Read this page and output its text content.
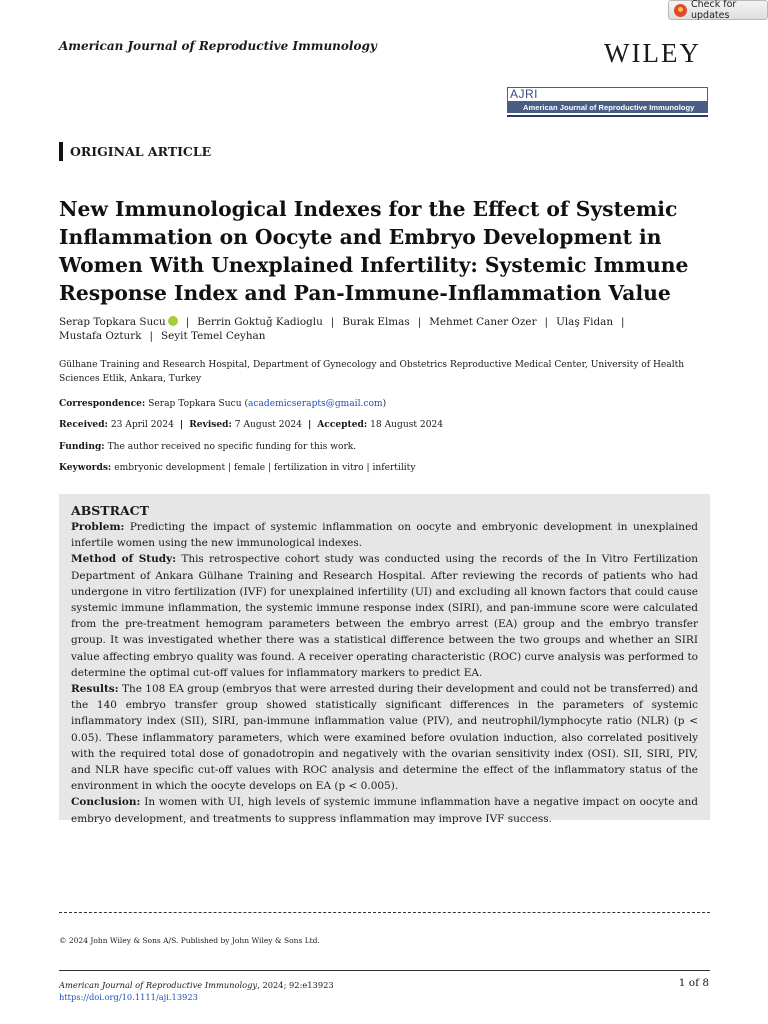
Check for updates
American Journal of Reproductive Immunology	WILEY
AJRI
American Journal of Reproductive Immunology
ORIGINAL ARTICLE
New Immunological Indexes for the Effect of Systemic Inflammation on Oocyte and Embryo Development in Women With Unexplained Infertility: Systemic Immune Response Index and Pan-Immune-Inflammation Value
Serap Topkara Sucu | Berrin Goktuğ Kadioglu | Burak Elmas | Mehmet Caner Ozer | Ulaş Fidan |
Mustafa Ozturk | Seyit Temel Ceyhan
Gülhane Training and Research Hospital, Department of Gynecology and Obstetrics Reproductive Medical Center, University of Health Sciences Etlik, Ankara, Turkey
Correspondence: Serap Topkara Sucu (academicserapts@gmail.com)
Received: 23 April 2024 | Revised: 7 August 2024 | Accepted: 18 August 2024
Funding: The author received no specific funding for this work.
Keywords: embryonic development | female | fertilization in vitro | infertility
ABSTRACT

Problem: Predicting the impact of systemic inflammation on oocyte and embryonic development in unexplained infertile women using the new immunological indexes.

Method of Study: This retrospective cohort study was conducted using the records of the In Vitro Fertilization Department of Ankara Gülhane Training and Research Hospital. After reviewing the records of patients who had undergone in vitro fertilization (IVF) for unexplained infertility (UI) and excluding all known factors that could cause systemic immune inflammation, the systemic immune response index (SIRI), and pan-immune score were calculated from the pre-treatment hemogram parameters between the embryo arrest (EA) group and the embryo transfer group. It was investigated whether there was a statistical difference between the two groups and whether an SIRI value affecting embryo quality was found. A receiver operating characteristic (ROC) curve analysis was performed to determine the optimal cut-off values for inflammatory markers to predict EA.

Results: The 108 EA group (embryos that were arrested during their development and could not be transferred) and the 140 embryo transfer group showed statistically significant differences in the parameters of systemic inflammatory index (SII), SIRI, pan-immune inflammation value (PIV), and neutrophil/lymphocyte ratio (NLR) (p < 0.05). These inflammatory parameters, which were examined before ovulation induction, also correlated positively with the required total dose of gonadotropin and negatively with the ovarian sensitivity index (OSI). SII, SIRI, PIV, and NLR have specific cut-off values with ROC analysis and determine the effect of the inflammatory status of the environment in which the oocyte develops on EA (p < 0.005).

Conclusion: In women with UI, high levels of systemic immune inflammation have a negative impact on oocyte and embryo development, and treatments to suppress inflammation may improve IVF success.

© 2024 John Wiley & Sons A/S. Published by John Wiley & Sons Ltd.
American Journal of Reproductive Immunology, 2024; 92:e13923
https://doi.org/10.1111/aji.13923
1 of 8
